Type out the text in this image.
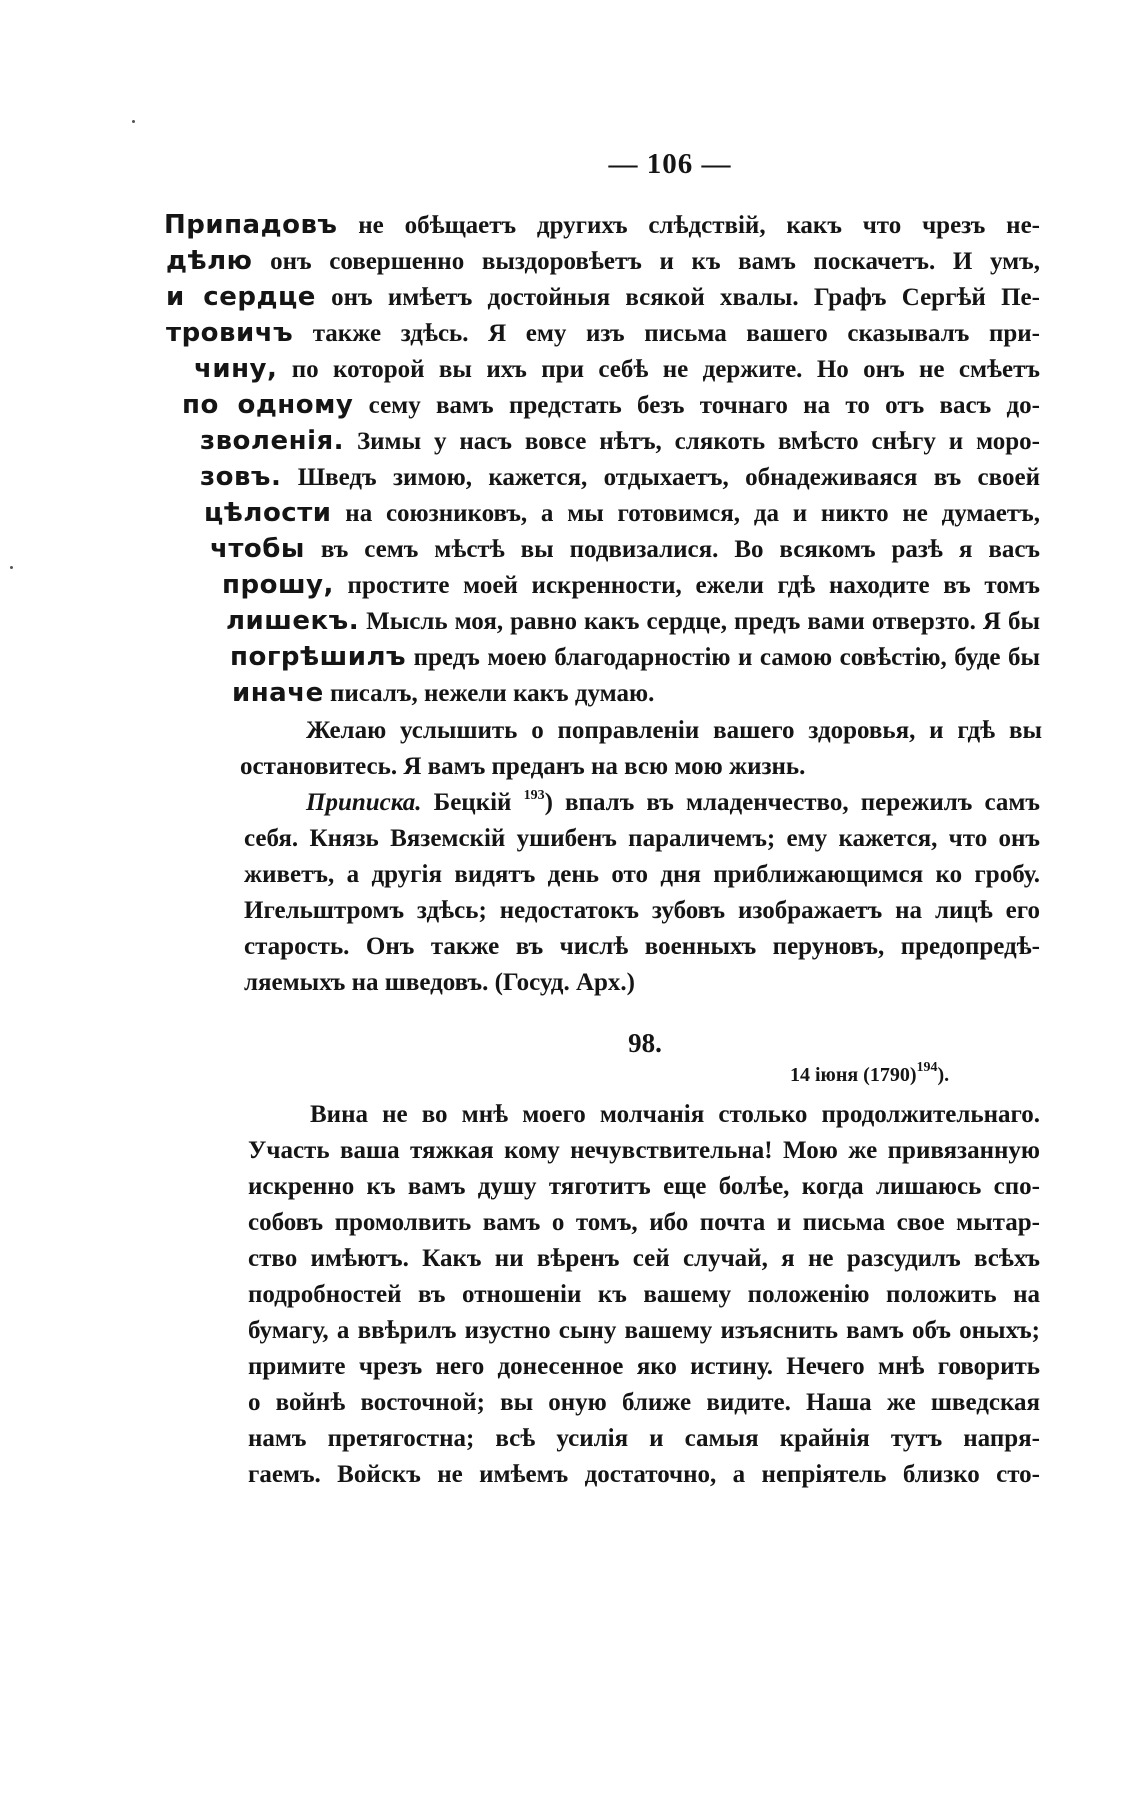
— 106 —
Припадовъ не обѣщаетъ другихъ слѣдствій, какъ что чрезъ не-
дѣлю онъ совершенно выздоровѣетъ и къ вамъ поскачетъ. И умъ,
и сердце онъ имѣетъ достойныя всякой хвалы. Графъ Сергѣй Пе-
тровичъ также здѣсь. Я ему изъ письма вашего сказывалъ при-
чину, по которой вы ихъ при себѣ не держите. Но онъ не смѣетъ
по одному сему вамъ предстать безъ точнаго на то отъ васъ до-
зволенія. Зимы у насъ вовсе нѣтъ, слякоть вмѣсто снѣгу и моро-
зовъ. Шведъ зимою, кажется, отдыхаетъ, обнадеживаяся въ своей
цѣлости на союзниковъ, а мы готовимся, да и никто не думаетъ,
чтобы въ семъ мѣстѣ вы подвизалися. Во всякомъ разѣ я васъ
прошу, простите моей искренности, ежели гдѣ находите въ томъ
лишекъ. Мысль моя, равно какъ сердце, предъ вами отверзто. Я бы
погрѣшилъ предъ моею благодарностію и самою совѣстію, буде бы
иначе писалъ, нежели какъ думаю.
Желаю услышить о поправленіи вашего здоровья, и гдѣ вы
остановитесь. Я вамъ преданъ на всю мою жизнь.
Приписка. Бецкій $^{193}$) впалъ въ младенчество, пережилъ самъ
себя. Князь Вяземскій ушибенъ параличемъ; ему кажется, что онъ
живетъ, а другія видятъ день ото дня приближающимся ко гробу.
Игельштромъ здѣсь; недостатокъ зубовъ изображаетъ на лицѣ его
старость. Онъ также въ числѣ военныхъ перуновъ, предопредѣ-
ляемыхъ на шведовъ. (Госуд. Арх.)
98.
14 іюня $(1790)^{194}$).
Вина не во мнѣ моего молчанія столько продолжительнаго.
Участь ваша тяжкая кому нечувствительна! Мою же привязанную
искренно къ вамъ душу тяготитъ еще болѣе, когда лишаюсь спо-
собовъ промолвить вамъ о томъ, ибо почта и письма свое мытар-
ство имѣютъ. Какъ ни вѣренъ сей случай, я не разсудилъ всѣхъ
подробностей въ отношеніи къ вашему положенію положить на
бумагу, а ввѣрилъ изустно сыну вашему изъяснить вамъ объ оныхъ;
примите чрезъ него донесенное яко истину. Нечего мнѣ говорить
о войнѣ восточной; вы оную ближе видите. Наша же шведская
намъ претягостна; всѣ усилія и самыя крайнія тутъ напря-
гаемъ. Войскъ не имѣемъ достаточно, а непріятель близко сто-
